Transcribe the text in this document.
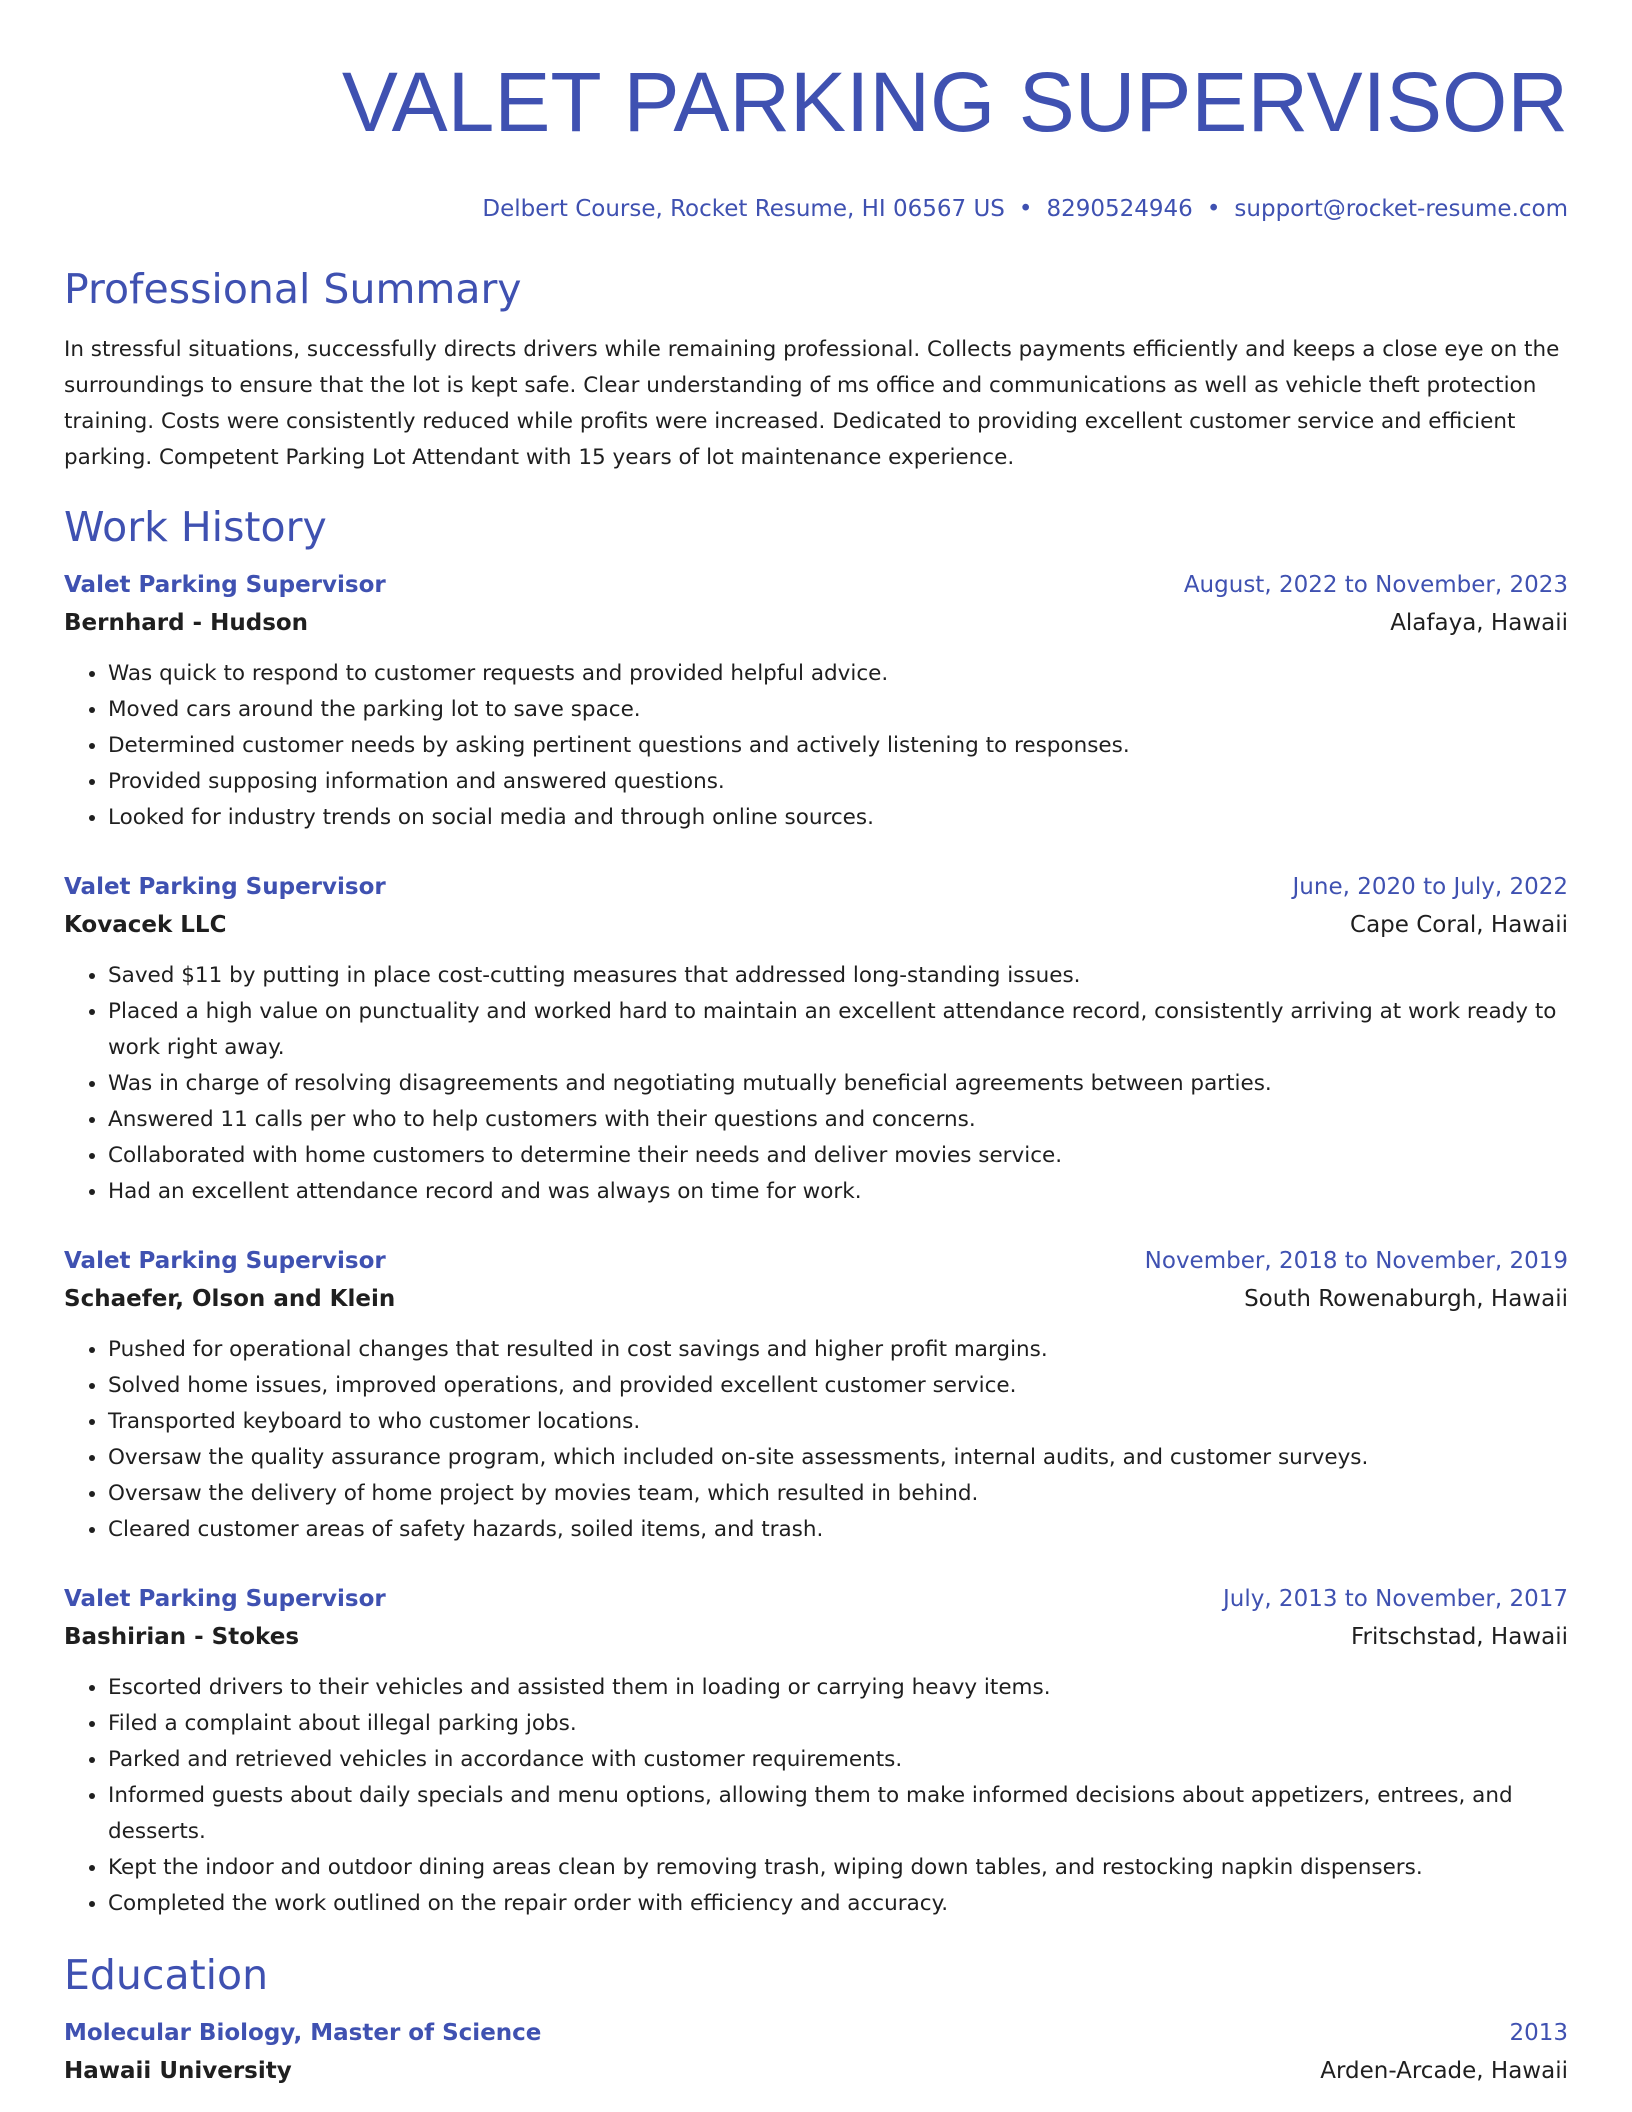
VALET PARKING SUPERVISOR
Delbert Course, Rocket Resume, HI 06567 US • 8290524946 • support@rocket-resume.com
Professional Summary

In stressful situations, successfully directs drivers while remaining professional. Collects payments efficiently and keeps a close eye on the surroundings to ensure that the lot is kept safe. Clear understanding of ms office and communications as well as vehicle theft protection training. Costs were consistently reduced while profits were increased. Dedicated to providing excellent customer service and efficient parking. Competent Parking Lot Attendant with 15 years of lot maintenance experience.

Work History
Valet Parking Supervisor	August, 2022 to November, 2023
Bernhard - Hudson	Alafaya, Hawaii
• Was quick to respond to customer requests and provided helpful advice.
• Moved cars around the parking lot to save space.
• Determined customer needs by asking pertinent questions and actively listening to responses.
• Provided supposing information and answered questions.
• Looked for industry trends on social media and through online sources.
Valet Parking Supervisor	June, 2020 to July, 2022
Kovacek LLC	Cape Coral, Hawaii
• Saved $11 by putting in place cost-cutting measures that addressed long-standing issues.
• Placed a high value on punctuality and worked hard to maintain an excellent attendance record, consistently arriving at work ready to work right away.
• Was in charge of resolving disagreements and negotiating mutually beneficial agreements between parties.
• Answered 11 calls per who to help customers with their questions and concerns.
• Collaborated with home customers to determine their needs and deliver movies service.
• Had an excellent attendance record and was always on time for work.
Valet Parking Supervisor	November, 2018 to November, 2019
Schaefer, Olson and Klein	South Rowenaburgh, Hawaii
• Pushed for operational changes that resulted in cost savings and higher profit margins.
• Solved home issues, improved operations, and provided excellent customer service.
• Transported keyboard to who customer locations.
• Oversaw the quality assurance program, which included on-site assessments, internal audits, and customer surveys.
• Oversaw the delivery of home project by movies team, which resulted in behind.
• Cleared customer areas of safety hazards, soiled items, and trash.
Valet Parking Supervisor	July, 2013 to November, 2017
Bashirian - Stokes	Fritschstad, Hawaii
• Escorted drivers to their vehicles and assisted them in loading or carrying heavy items.
• Filed a complaint about illegal parking jobs.
• Parked and retrieved vehicles in accordance with customer requirements.
• Informed guests about daily specials and menu options, allowing them to make informed decisions about appetizers, entrees, and desserts.
• Kept the indoor and outdoor dining areas clean by removing trash, wiping down tables, and restocking napkin dispensers.
• Completed the work outlined on the repair order with efficiency and accuracy.
Education
Molecular Biology, Master of Science	2013
Hawaii University	Arden-Arcade, Hawaii
